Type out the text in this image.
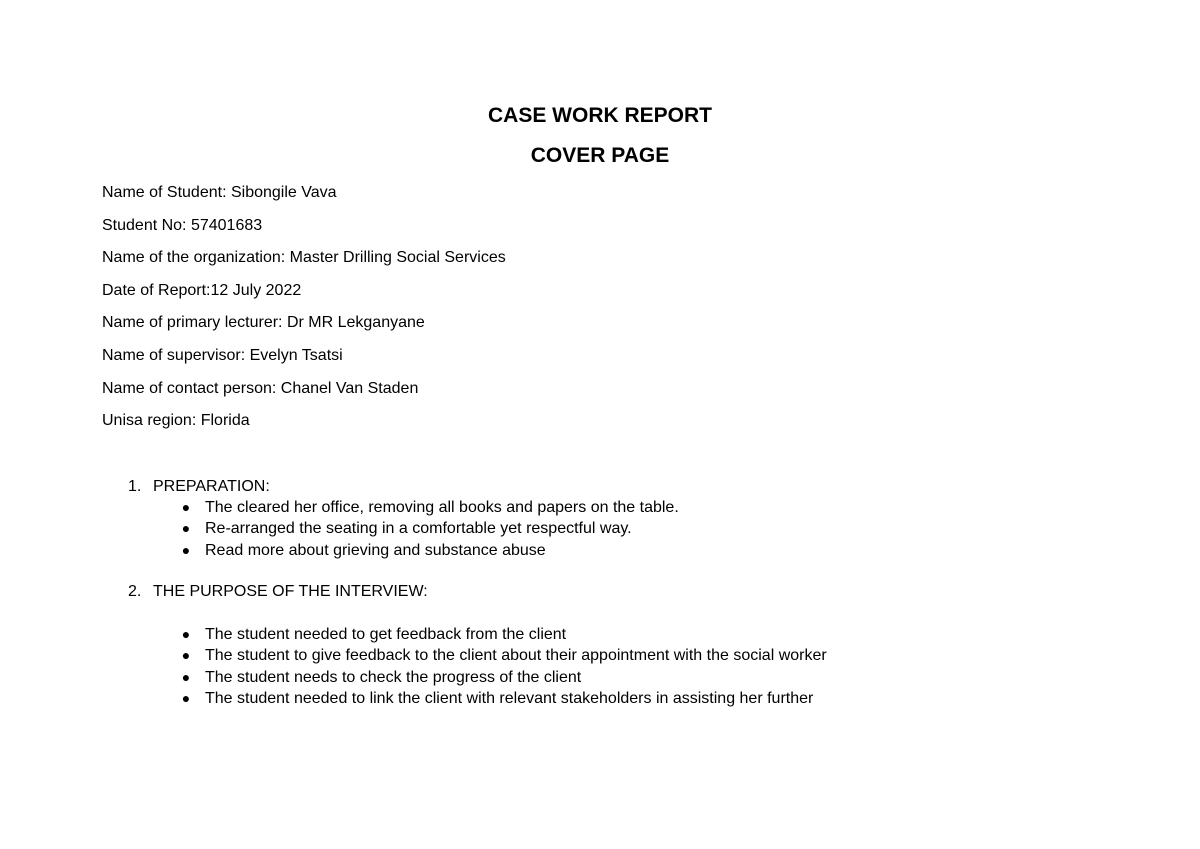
CASE WORK REPORT
COVER PAGE
Name of Student: Sibongile Vava
Student No: 57401683
Name of the organization: Master Drilling Social Services
Date of Report:12 July 2022
Name of primary lecturer: Dr MR Lekganyane
Name of supervisor: Evelyn Tsatsi
Name of contact person: Chanel Van Staden
Unisa region: Florida
1. PREPARATION:
● The cleared her office, removing all books and papers on the table.
● Re-arranged the seating in a comfortable yet respectful way.
● Read more about grieving and substance abuse
2. THE PURPOSE OF THE INTERVIEW:
● The student needed to get feedback from the client
● The student to give feedback to the client about their appointment with the social worker
● The student needs to check the progress of the client
● The student needed to link the client with relevant stakeholders in assisting her further
